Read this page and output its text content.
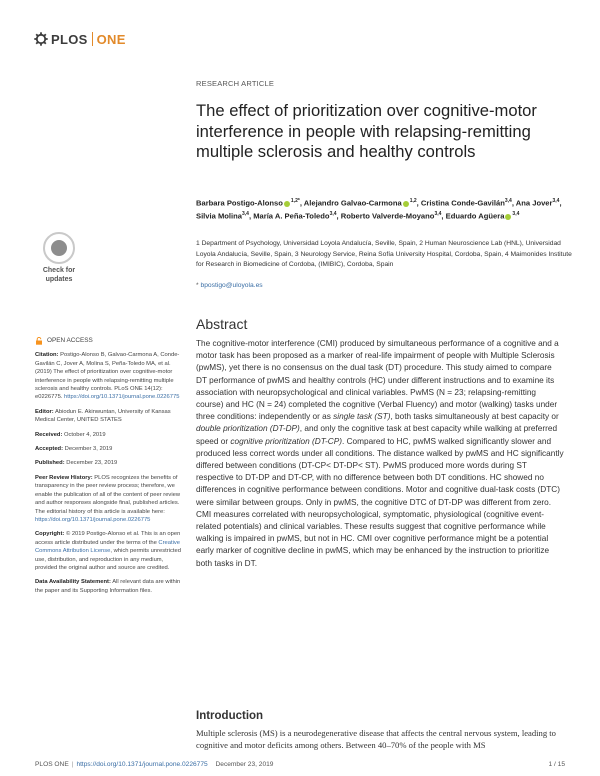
PLOS ONE
RESEARCH ARTICLE
The effect of prioritization over cognitive-motor interference in people with relapsing-remitting multiple sclerosis and healthy controls
Barbara Postigo-Alonso $^{1,2*}$, Alejandro Galvao-Carmona $^{1,2}$, Cristina Conde-Gavilán$^{3,4}$, Ana Jover$^{3,4}$, Silvia Molina$^{3,4}$, María A. Peña-Toledo$^{3,4}$, Roberto Valverde-Moyano$^{3,4}$, Eduardo Agüera $^{3,4}$
1 Department of Psychology, Universidad Loyola Andalucía, Seville, Spain, 2 Human Neuroscience Lab (HNL), Universidad Loyola Andalucía, Seville, Spain, 3 Neurology Service, Reina Sofía University Hospital, Cordoba, Spain, 4 Maimonides Institute for Research in Biomedicine of Cordoba, (IMIBIC), Cordoba, Spain
* bpostigo@uloyola.es
Check for
updates
OPEN ACCESS
Citation: Postigo-Alonso B, Galvao-Carmona A, Conde-Gavilán C, Jover A, Molina S, Peña-Toledo MA, et al. (2019) The effect of prioritization over cognitive-motor interference in people with relapsing-remitting multiple sclerosis and healthy controls. PLoS ONE 14(12): e0226775. https://doi.org/10.1371/journal.pone.0226775
Editor: Abiodun E. Akinwuntan, University of Kansas Medical Center, UNITED STATES
Received: October 4, 2019
Accepted: December 3, 2019
Published: December 23, 2019
Peer Review History: PLOS recognizes the benefits of transparency in the peer review process; therefore, we enable the publication of all of the content of peer review and author responses alongside final, published articles. The editorial history of this article is available here: https://doi.org/10.1371/journal.pone.0226775
Copyright: © 2019 Postigo-Alonso et al. This is an open access article distributed under the terms of the Creative Commons Attribution License, which permits unrestricted use, distribution, and reproduction in any medium, provided the original author and source are credited.
Data Availability Statement: All relevant data are within the paper and its Supporting Information files.
Abstract

The cognitive-motor interference (CMI) produced by simultaneous performance of a cognitive and a motor task has been proposed as a marker of real-life impairment of people with Multiple Sclerosis (pwMS), yet there is no consensus on the dual task (DT) procedure. This study aimed to compare DT performance of pwMS and healthy controls (HC) under different instructions and to examine its association with neuropsychological and clinical variables. PwMS (N = 23; relapsing-remitting course) and HC (N = 24) completed the cognitive (Verbal Fluency) and motor (walking) tasks under three conditions: independently or as single task (ST), both tasks simultaneously at best capacity or double prioritization (DT-DP), and only the cognitive task at best capacity while walking at preferred speed or cognitive prioritization (DT-CP). Compared to HC, pwMS walked significantly slower and produced less correct words under all conditions. The distance walked by pwMS and HC significantly differed between conditions (DT-CP< DT-DP< ST). PwMS produced more words during ST respective to DT-DP and DT-CP, with no difference between both DT conditions. HC showed no differences in cognitive performance between conditions. Motor and cognitive dual-task costs (DTC) were similar between groups. Only in pwMS, the cognitive DTC of DT-DP was different from zero. CMI measures correlated with neuropsychological, symptomatic, physiological (cognitive event-related potentials) and clinical variables. These results suggest that cognitive performance while walking is impaired in pwMS, but not in HC. CMI over cognitive performance might be a potential early marker of cognitive decline in pwMS, which may be enhanced by the instruction to prioritize both tasks in DT.

Introduction

Multiple sclerosis (MS) is a neurodegenerative disease that affects the central nervous system, leading to cognitive and motor deficits among others. Between 40–70% of the people with MS

PLOS ONE | https://doi.org/10.1371/journal.pone.0226775 December 23, 2019	1 / 15
